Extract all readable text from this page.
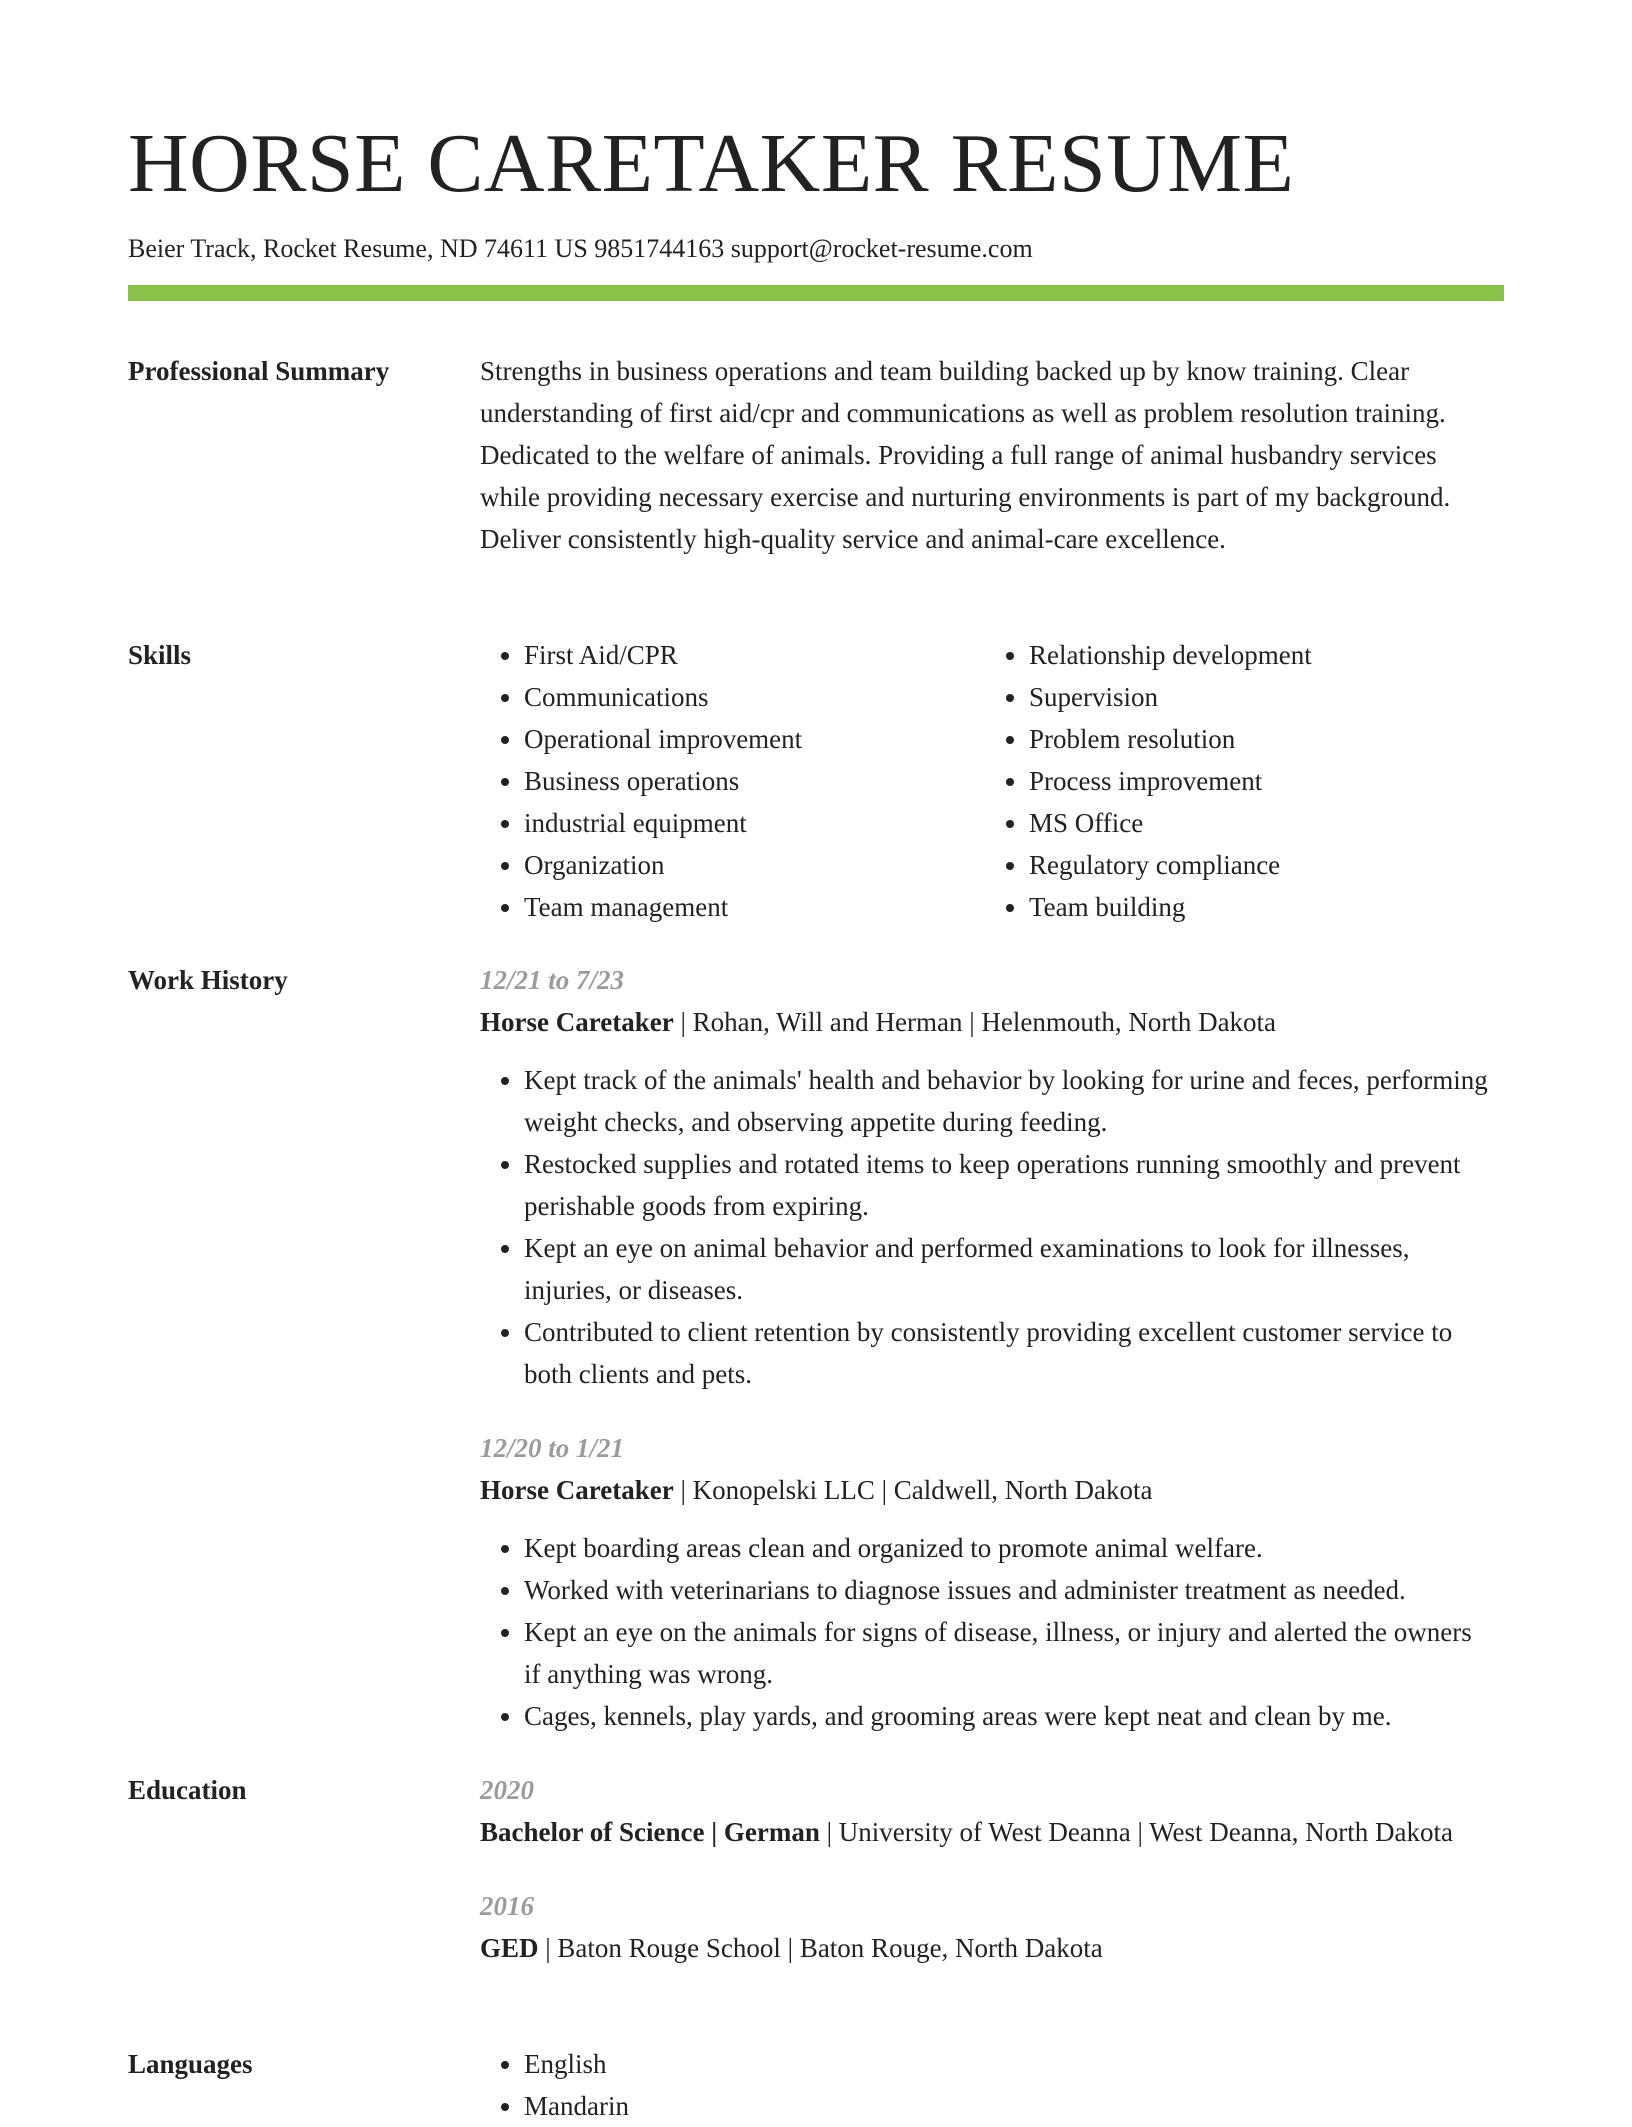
HORSE CARETAKER RESUME
Beier Track, Rocket Resume, ND 74611 US 9851744163 support@rocket-resume.com
Professional Summary	Strengths in business operations and team building backed up by know training. Clear understanding of first aid/cpr and communications as well as problem resolution training. Dedicated to the welfare of animals. Providing a full range of animal husbandry services while providing necessary exercise and nurturing environments is part of my background. Deliver consistently high-quality service and animal-care excellence.

Skills	• First Aid/CPR
• Communications
• Operational improvement
• Business operations
• industrial equipment
• Organization
• Team management
• Relationship development
• Supervision
• Problem resolution
• Process improvement
• MS Office
• Regulatory compliance
• Team building
Work History	12/21 to 7/23
Horse Caretaker | Rohan, Will and Herman | Helenmouth, North Dakota
• Kept track of the animals' health and behavior by looking for urine and feces, performing weight checks, and observing appetite during feeding.
• Restocked supplies and rotated items to keep operations running smoothly and prevent perishable goods from expiring.
• Kept an eye on animal behavior and performed examinations to look for illnesses, injuries, or diseases.
• Contributed to client retention by consistently providing excellent customer service to both clients and pets.
12/20 to 1/21
Horse Caretaker | Konopelski LLC | Caldwell, North Dakota
• Kept boarding areas clean and organized to promote animal welfare.
• Worked with veterinarians to diagnose issues and administer treatment as needed.
• Kept an eye on the animals for signs of disease, illness, or injury and alerted the owners if anything was wrong.
• Cages, kennels, play yards, and grooming areas were kept neat and clean by me.
Education	2020
Bachelor of Science | German | University of West Deanna | West Deanna, North Dakota
2016
GED | Baton Rouge School | Baton Rouge, North Dakota
Languages	• English
• Mandarin
